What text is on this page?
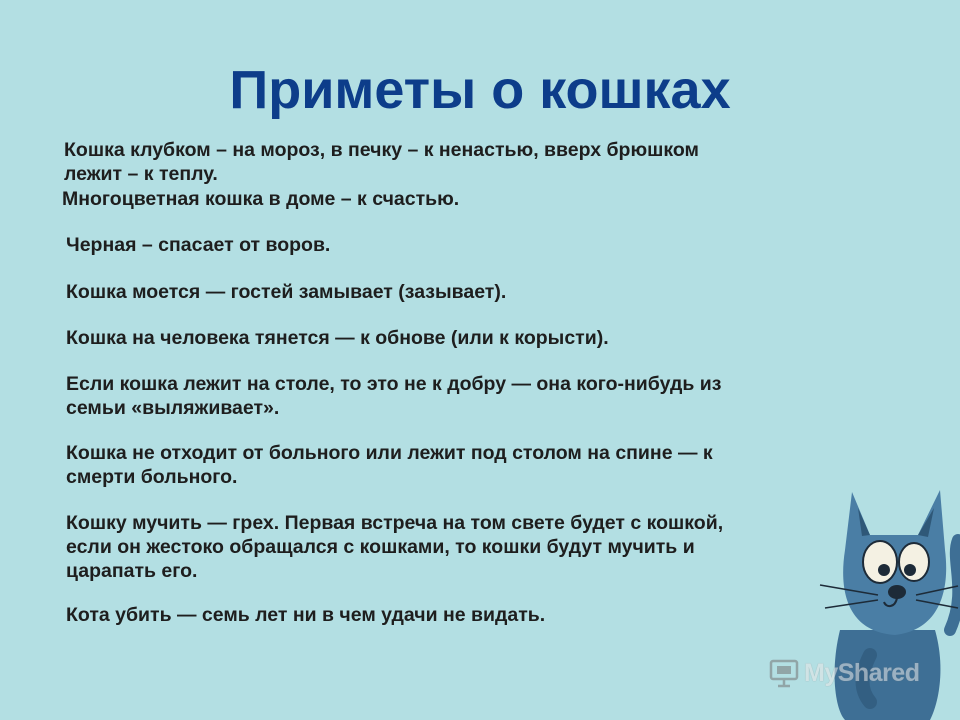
Приметы о кошках

Кошка клубком – на мороз, в печку – к ненастью, вверх брюшком
лежит – к теплу.

Многоцветная кошка в доме – к счастью.

Черная – спасает от воров.

Кошка моется — гостей замывает (зазывает).

Кошка на человека тянется — к обнове (или к корысти).

Если кошка лежит на столе, то это не к добру — она кого-нибудь из
семьи «выляживает».

Кошка не отходит от больного или лежит под столом на спине — к
смерти больного.

Кошку мучить — грех. Первая встреча на том свете будет с кошкой,
если он жестоко обращался с кошками, то кошки будут мучить и
царапать его.

Кота убить — семь лет ни в чем удачи не видать.

MyShared
